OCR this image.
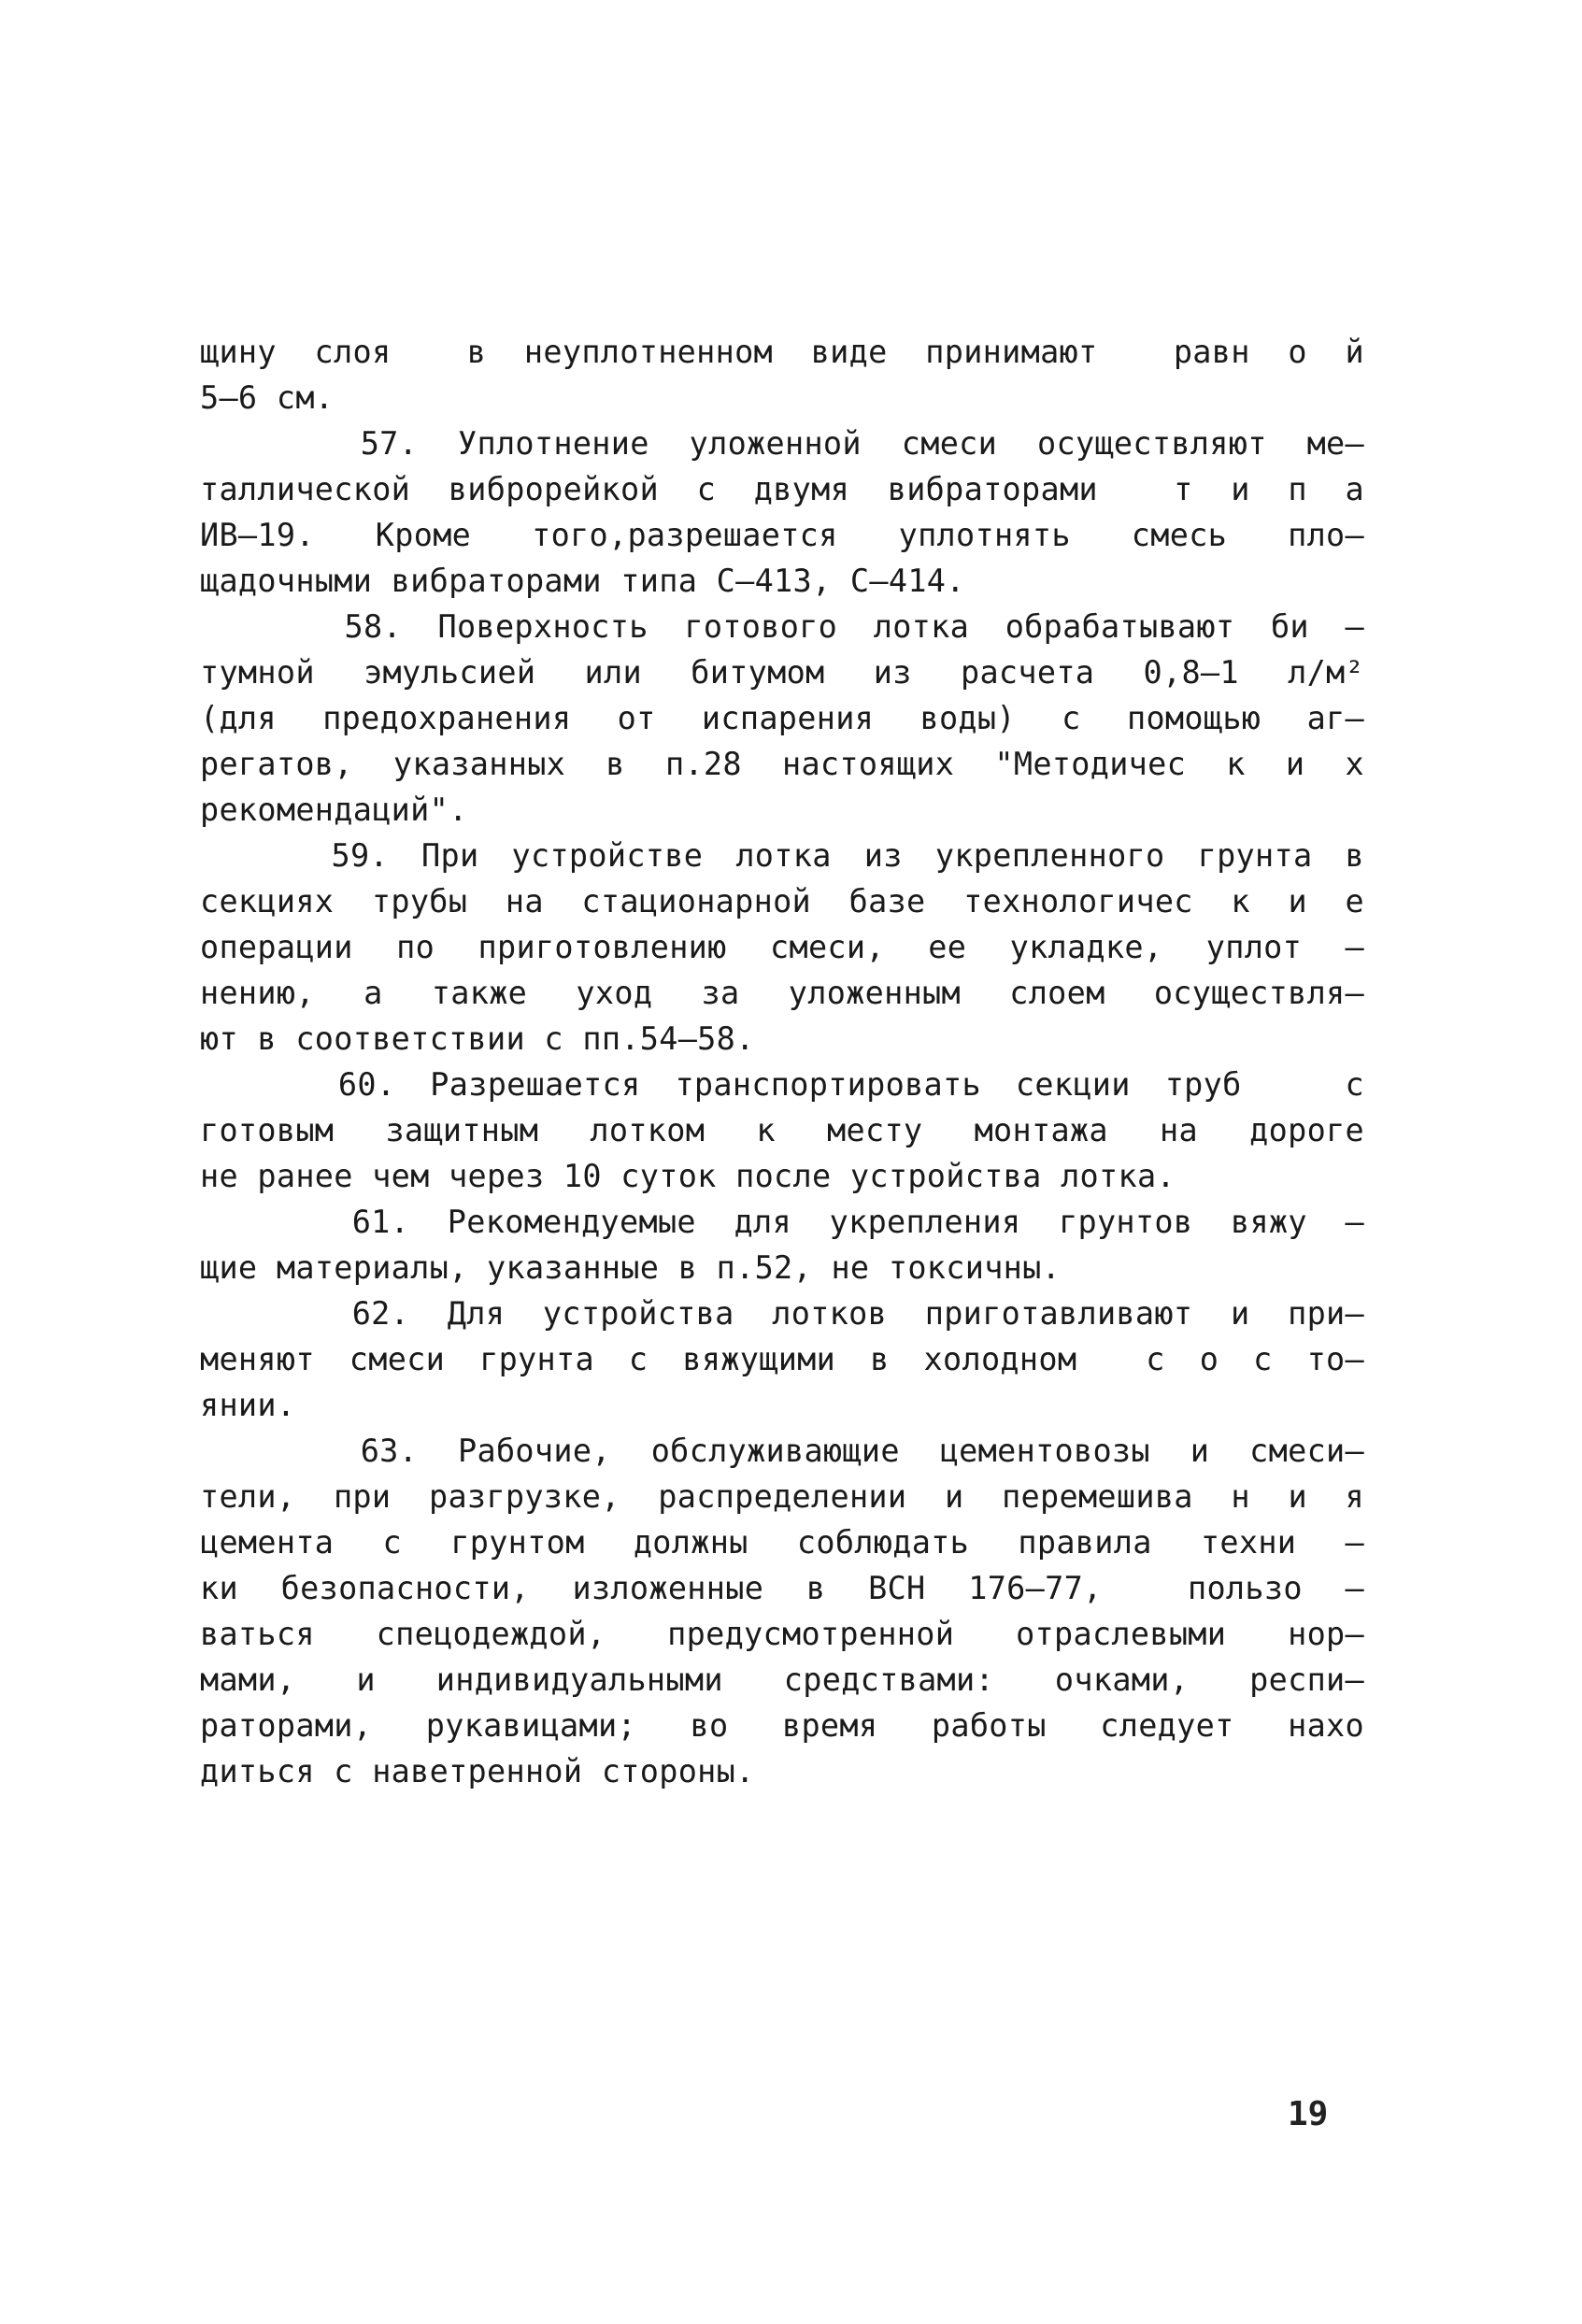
щину слоя  в неуплотненном виде принимают  равн о й
5–6 см.
57. Уплотнение уложенной смеси осуществляют ме–
таллической виброрейкой с двумя вибраторами  т и п а
ИВ–19. Кроме того,разрешается уплотнять смесь пло–
щадочными вибраторами типа С–413, С–414.
58. Поверхность готового лотка обрабатывают би –
тумной эмульсией или битумом из расчета 0,8–1 л/м²
(для предохранения от испарения воды) с помощью аг–
регатов, указанных в п.28 настоящих "Методичес к и х
рекомендаций".
59. При устройстве лотка из укрепленного грунта в
секциях трубы на стационарной базе технологичес к и е
операции по приготовлению смеси, ее укладке, уплот –
нению, а также уход за уложенным слоем осуществля–
ют в соответствии с пп.54–58.
60. Разрешается транспортировать секции труб   с
готовым защитным лотком к месту монтажа на дороге
не ранее чем через 10 суток после устройства лотка.
61. Рекомендуемые для укрепления грунтов вяжу –
щие материалы, указанные в п.52, не токсичны.
62. Для устройства лотков приготавливают и при–
меняют смеси грунта с вяжущими в холодном  с о с то–
янии.
63. Рабочие, обслуживающие цементовозы и смеси–
тели, при разгрузке, распределении и перемешива н и я
цемента с грунтом должны соблюдать правила техни –
ки безопасности, изложенные в ВСН 176–77,  пользо –
ваться спецодеждой, предусмотренной отраслевыми нор–
мами, и индивидуальными средствами: очками, респи–
раторами, рукавицами; во время работы следует нахо
диться с наветренной стороны.
19
